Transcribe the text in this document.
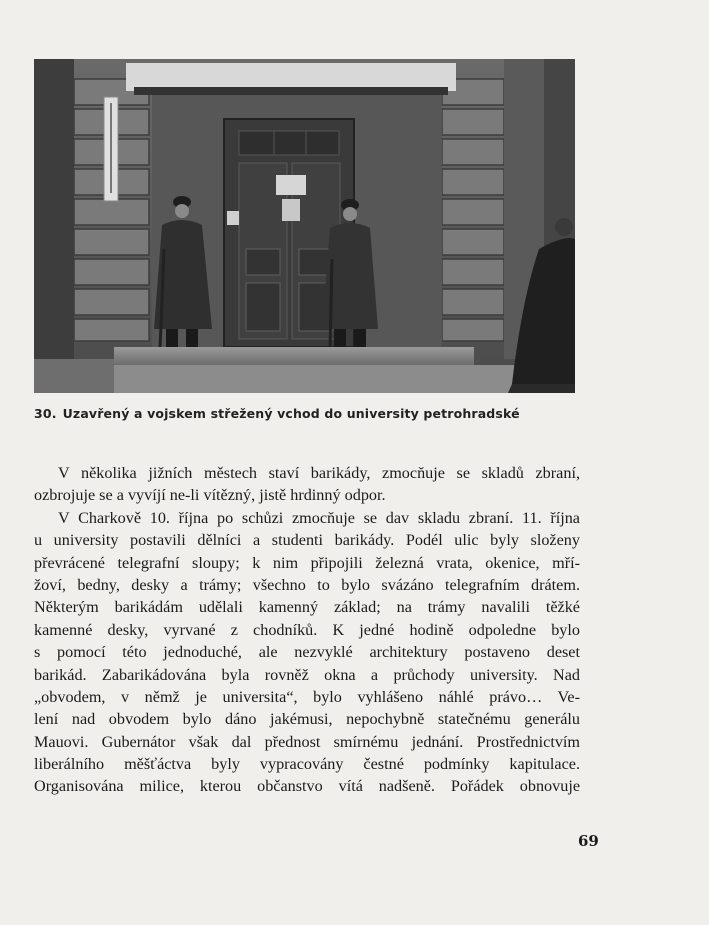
30. Uzavřený a vojskem střežený vchod do university petrohradské
V několika jižních městech staví barikády, zmocňuje se skladů zbraní,
ozbrojuje se a vyvíjí ne-li vítězný, jistě hrdinný odpor.
V Charkově 10. října po schůzi zmocňuje se dav skladu zbraní. 11. října
u university postavili dělníci a studenti barikády. Podél ulic byly složeny
převrácené telegrafní sloupy; k nim připojili železná vrata, okenice, mří-
žoví, bedny, desky a trámy; všechno to bylo svázáno telegrafním drátem.
Některým barikádám udělali kamenný základ; na trámy navalili těžké
kamenné desky, vyrvané z chodníků. K jedné hodině odpoledne bylo
s pomocí této jednoduché, ale nezvyklé architektury postaveno deset
barikád. Zabarikádována byla rovněž okna a průchody university. Nad
„obvodem, v němž je universita“, bylo vyhlášeno náhlé právo… Ve-
lení nad obvodem bylo dáno jakémusi, nepochybně statečnému generálu
Mauovi. Gubernátor však dal přednost smírnému jednání. Prostřednictvím
liberálního měšťáctva byly vypracovány čestné podmínky kapitulace.
Organisována milice, kterou občanstvo vítá nadšeně. Pořádek obnovuje
69
